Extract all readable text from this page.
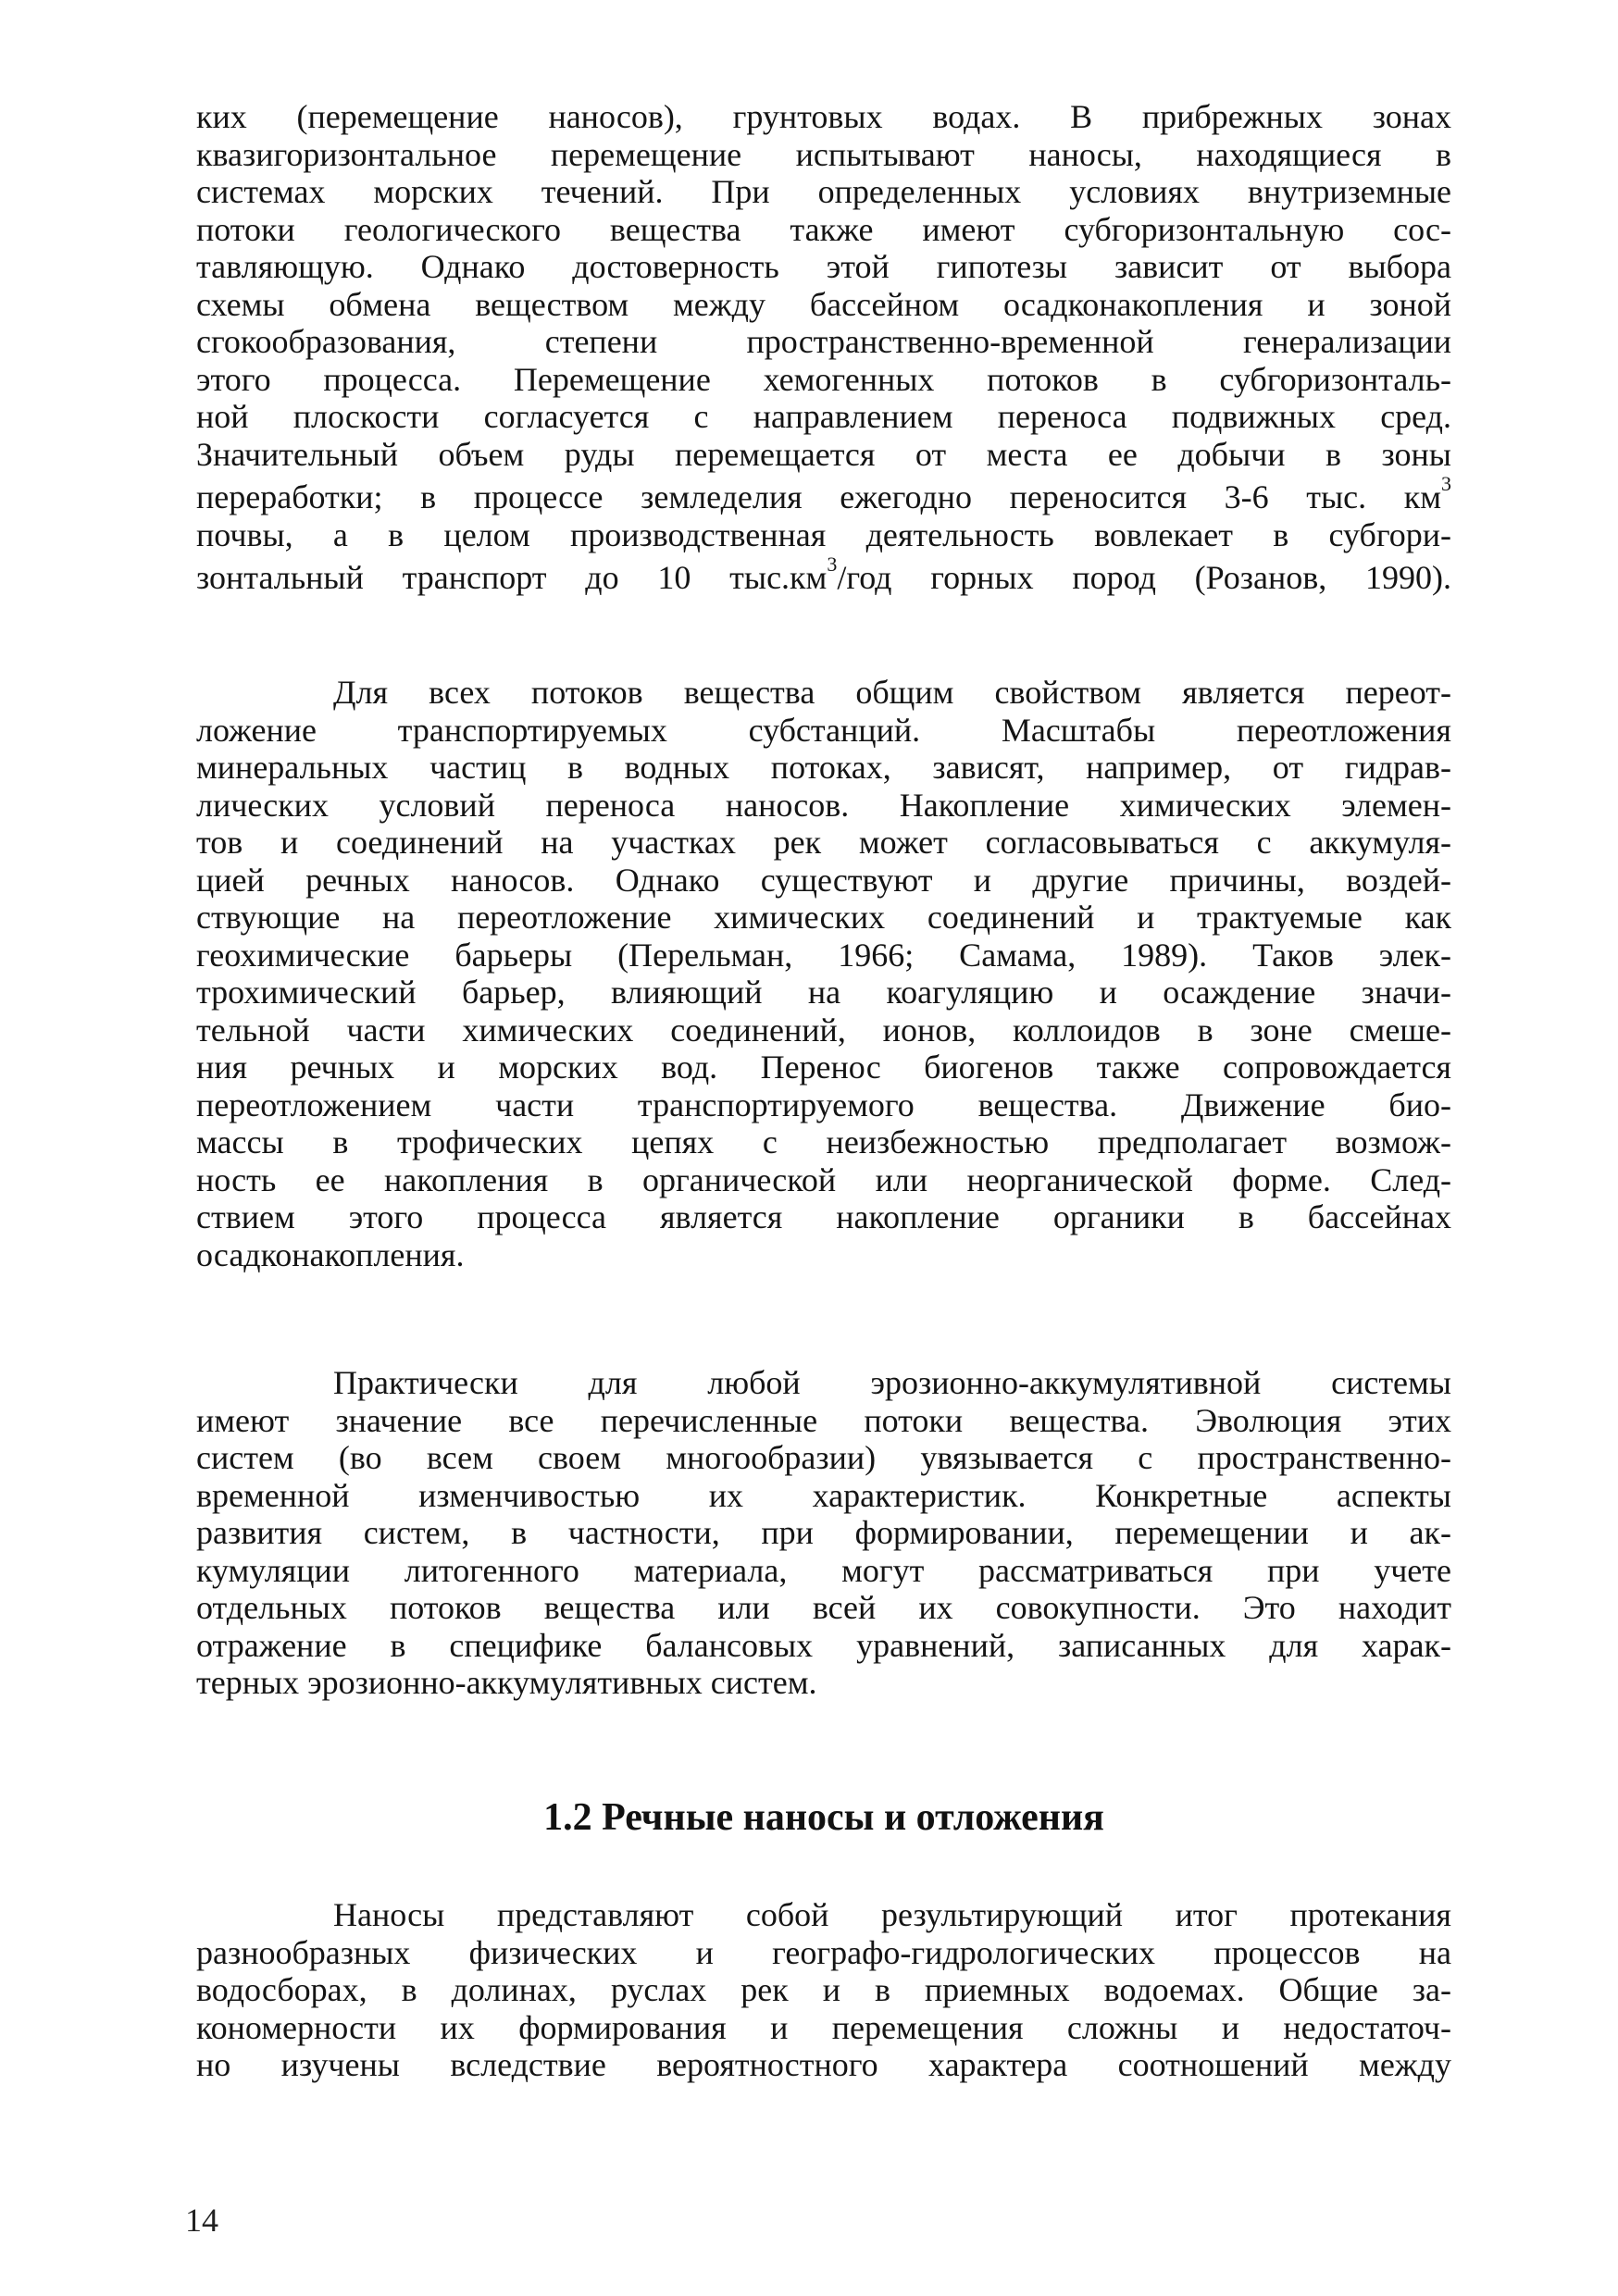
ких (перемещение наносов), грунтовых водах. В прибрежных зонах
квазигоризонтальное перемещение испытывают наносы, находящиеся в
системах морских течений. При определенных условиях внутриземные
потоки геологического вещества также имеют субгоризонтальную сос-
тавляющую. Однако достоверность этой гипотезы зависит от выбора
схемы обмена веществом между бассейном осадконакопления и зоной
сгокообразования, степени пространственно-временной генерализации
этого процесса. Перемещение хемогенных потоков в субгоризонталь-
ной плоскости согласуется с направлением переноса подвижных сред.
Значительный объем руды перемещается от места ее добычи в зоны
переработки; в процессе земледелия ежегодно переносится 3-6 тыс. $км^3$
почвы, а в целом производственная деятельность вовлекает в субгори-
зонтальный транспорт до 10 $тыс.км^3$/год горных пород (Розанов, 1990).

Для всех потоков вещества общим свойством является переот-
ложение транспортируемых субстанций. Масштабы переотложения
минеральных частиц в водных потоках, зависят, например, от гидрав-
лических условий переноса наносов. Накопление химических элемен-
тов и соединений на участках рек может согласовываться с аккумуля-
цией речных наносов. Однако существуют и другие причины, воздей-
ствующие на переотложение химических соединений и трактуемые как
геохимические барьеры (Перельман, 1966; Самама, 1989). Таков элек-
трохимический барьер, влияющий на коагуляцию и осаждение значи-
тельной части химических соединений, ионов, коллоидов в зоне смеше-
ния речных и морских вод. Перенос биогенов также сопровождается
переотложением части транспортируемого вещества. Движение био-
массы в трофических цепях с неизбежностью предполагает возмож-
ность ее накопления в органической или неорганической форме. След-
ствием этого процесса является накопление органики в бассейнах
осадконакопления.

Практически для любой эрозионно-аккумулятивной системы
имеют значение все перечисленные потоки вещества. Эволюция этих
систем (во всем своем многообразии) увязывается с пространственно-
временной изменчивостью их характеристик. Конкретные аспекты
развития систем, в частности, при формировании, перемещении и ак-
кумуляции литогенного материала, могут рассматриваться при учете
отдельных потоков вещества или всей их совокупности. Это находит
отражение в специфике балансовых уравнений, записанных для харак-
терных эрозионно-аккумулятивных систем.

1.2 Речные наносы и отложения

Наносы представляют собой результирующий итог протекания
разнообразных физических и географо-гидрологических процессов на
водосборах, в долинах, руслах рек и в приемных водоемах. Общие за-
кономерности их формирования и перемещения сложны и недостаточ-
но изучены вследствие вероятностного характера соотношений между

14
